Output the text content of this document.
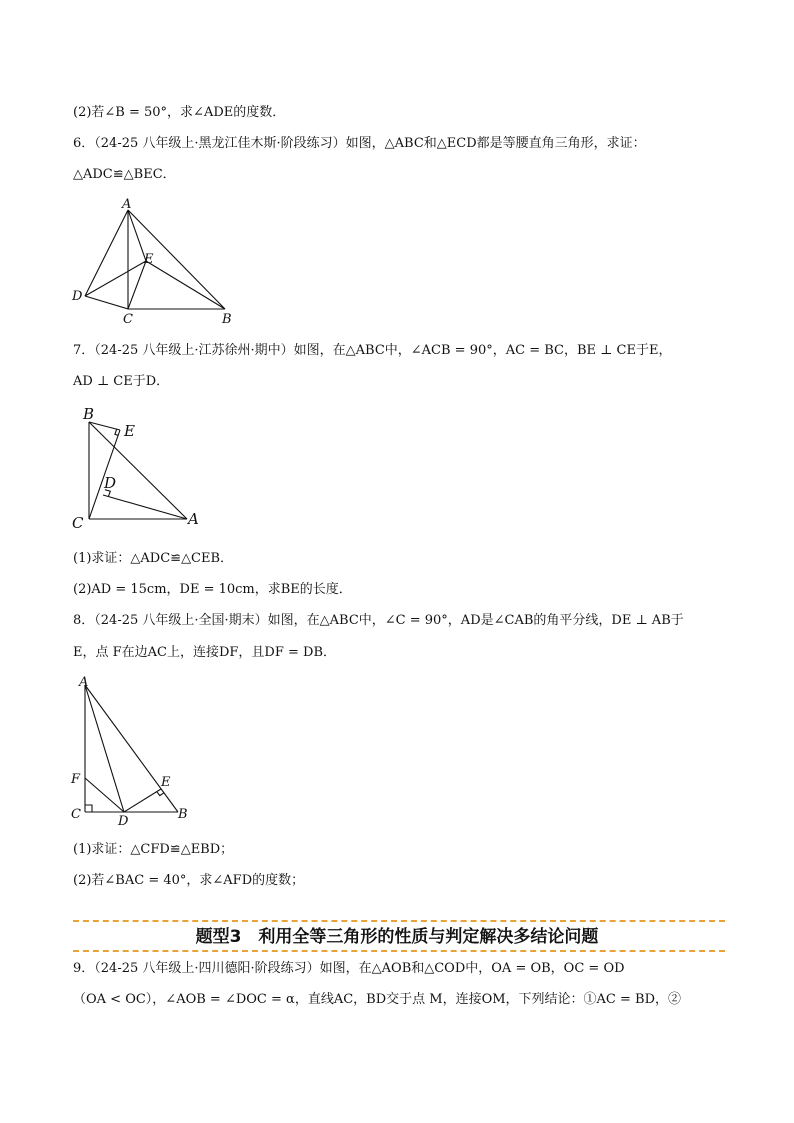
(2)若∠B = 50°，求∠ADE的度数．
6．（24-25 八年级上·黑龙江佳木斯·阶段练习）如图，△ABC和△ECD都是等腰直角三角形，求证：
△ADC≌△BEC．
A
D
E
C	B
7．（24-25 八年级上·江苏徐州·期中）如图，在△ABC中，∠ACB = 90°，AC = BC，BE ⊥ CE于E，
AD ⊥ CE于D．
B
E
D
C	A
(1)求证：△ADC≌△CEB．
(2)AD = 15cm，DE = 10cm，求BE的长度．
8．（24-25 八年级上·全国·期末）如图，在△ABC中，∠C = 90°，AD是∠CAB的角平分线，DE ⊥ AB于
E，点 F在边AC上，连接DF，且DF = DB．
A
F
C	D
E
B
(1)求证：△CFD≌△EBD；
(2)若∠BAC = 40°，求∠AFD的度数；
题型3　利用全等三角形的性质与判定解决多结论问题
9．（24-25 八年级上·四川德阳·阶段练习）如图，在△AOB和△COD中，OA = OB，OC = OD
（OA < OC），∠AOB = ∠DOC = α，直线AC，BD交于点 M，连接OM，下列结论：①AC = BD，②
